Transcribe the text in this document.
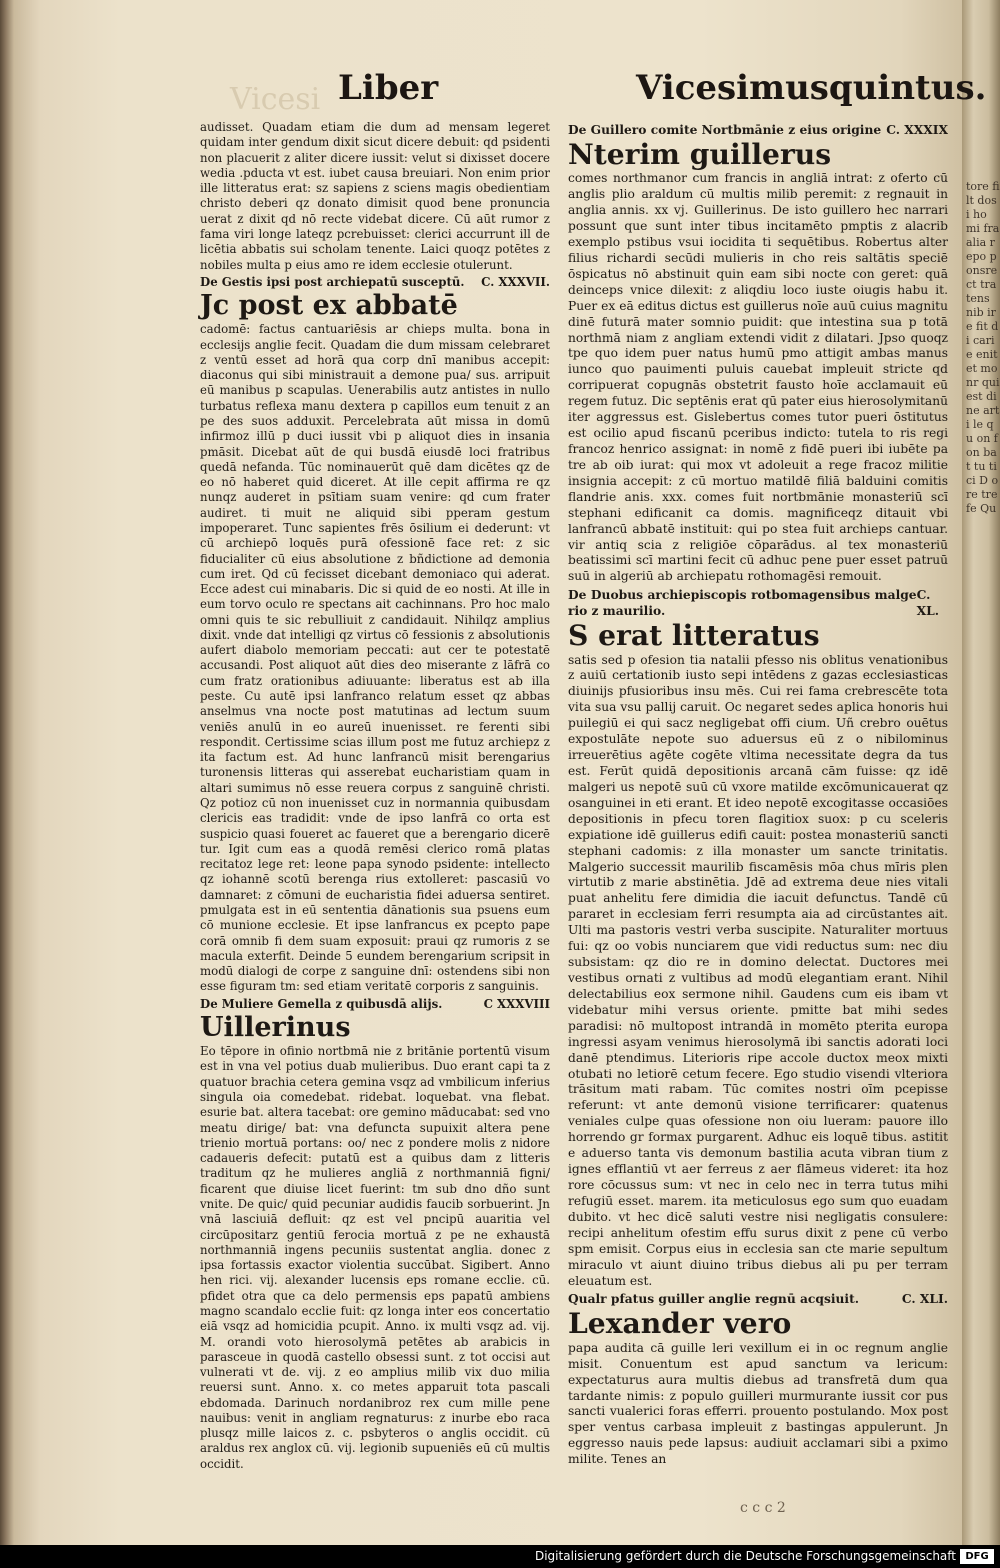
tore filt dosi ho mi fra alia repo ponsrect tratens nib ire fit di carie enit et monr qui est dine arti le qu on fon bat tu ti ci D ore trefe Qu
Vicesi Liber	Vicesimusquintus.

audisset. Quadam etiam die dum ad mensam legeret quidam inter gendum dixit sicut dicere debuit: qd psidenti non placuerit z aliter dicere iussit: velut si dixisset docere wedia .pducta vt est. iubet causa breuiari. Non enim prior ille litteratus erat: sz sapiens z sciens magis obedientiam christo deberi qz donato dimisit quod bene pronuncia uerat z dixit qd nō recte videbat dicere. Cū aūt rumor z fama viri longe lateqz pcrebuisset: clerici accurrunt ill de licētia abbatis sui scholam tenente. Laici quoqz potētes z nobiles multa p eius amo re idem ecclesie otulerunt.

De Gestis ipsi post archiepatū susceptū. C. XXXVII.
Jc post ex abbatē

cadomē: factus cantuariēsis ar chieps multa. bona in ecclesijs anglie fecit. Quadam die dum missam celebraret z ventū esset ad horā qua corp dnī manibus accepit: diaconus qui sibi ministrauit a demone pua/ sus. arripuit eū manibus p scapulas. Uenerabilis autz antistes in nullo turbatus reflexa manu dextera p capillos eum tenuit z an pe des suos adduxit. Percelebrata aūt missa in domū infirmoz illū p duci iussit vbi p aliquot dies in insania pmāsit. Dicebat aūt de qui busdā eiusdē loci fratribus quedā nefanda. Tūc nominauerūt quē dam dicētes qz de eo nō haberet quid diceret. At ille cepit affirma re qz nunqz auderet in psītiam suam venire: qd cum frater audiret. ti muit ne aliquid sibi pperam gestum impoperaret. Tunc sapientes frēs ōsilium ei dederunt: vt cū archiepō loquēs purā ofessionē face ret: z sic fiducialiter cū eius absolutione z bñdictione ad demonia cum iret. Qd cū fecisset dicebant demoniaco qui aderat. Ecce adest cui minabaris. Dic si quid de eo nosti. At ille in eum torvo oculo re spectans ait cachinnans. Pro hoc malo omni quis te sic rebulliuit z candidauit. Nihilqz amplius dixit. vnde dat intelligi qz virtus cō fessionis z absolutionis aufert diabolo memoriam peccati: aut cer te potestatē accusandi. Post aliquot aūt dies deo miserante z lāfrā co cum fratz orationibus adiuuante: liberatus est ab illa peste. Cu autē ipsi lanfranco relatum esset qz abbas anselmus vna nocte post matutinas ad lectum suum veniēs anulū in eo aureū inuenisset. re ferenti sibi respondit. Certissime scias illum post me futuz archiepz z ita factum est. Ad hunc lanfrancū misit berengarius turonensis litteras qui asserebat eucharistiam quam in altari sumimus nō esse reuera corpus z sanguinē christi. Qz potioz cū non inuenisset cuz in normannia quibusdam clericis eas tradidit: vnde de ipso lanfrā co orta est suspicio quasi foueret ac faueret que a berengario dicerē tur. Igit cum eas a quodā remēsi clerico romā platas recitatoz lege ret: leone papa synodo psidente: intellecto qz iohannē scotū berenga rius extolleret: pascasiū vo damnaret: z cōmuni de eucharistia fidei aduersa sentiret. pmulgata est in eū sententia dānationis sua psuens eum cō munione ecclesie. Et ipse lanfrancus ex pcepto pape corā omnib fi dem suam exposuit: praui qz rumoris z se macula exterfit. Deinde 5 eundem berengarium scripsit in modū dialogi de corpe z sanguine dnī: ostendens sibi non esse figuram tm: sed etiam veritatē corporis z sanguinis.

De Muliere Gemella z quibusdā alijs.	C XXXVIII
Uillerinus

Eo tēpore in ofinio nortbmā nie z britānie portentū visum est in vna vel potius duab mulieribus. Duo erant capi ta z quatuor brachia cetera gemina vsqz ad vmbilicum inferius singula oia comedebat. ridebat. loquebat. vna flebat. esurie bat. altera tacebat: ore gemino māducabat: sed vno meatu dirige/ bat: vna defuncta supuixit altera pene trienio mortuā portans: oo/ nec z pondere molis z nidore cadaueris defecit: putatū est a quibus dam z litteris traditum qz he mulieres angliā z northmanniā figni/ ficarent que diuise licet fuerint: tm sub dno dño sunt vnite. De quic/ quid pecuniar audidis faucib sorbuerint. Jn vnā lasciuiā defluit: qz est vel pncipū auaritia vel circūpositarz gentiū ferocia mortuā z pe ne exhaustā northmanniā ingens pecuniis sustentat anglia. donec z ipsa fortassis exactor violentia succūbat. Sigibert. Anno hen rici. vij. alexander lucensis eps romane ecclie. cū. pfidet otra que ca delo permensis eps papatū ambiens magno scandalo ecclie fuit: qz longa inter eos concertatio eiā vsqz ad homicidia pcupit. Anno. ix multi vsqz ad. vij. M. orandi voto hierosolymā petētes ab arabicis in parasceue in quodā castello obsessi sunt. z tot occisi aut vulnerati vt de. vij. z eo amplius milib vix duo milia reuersi sunt. Anno. x. co metes apparuit tota pascali ebdomada. Darinuch nordanibroz rex cum mille pene nauibus: venit in angliam regnaturus: z inurbe ebo raca plusqz mille laicos z. c. psbyteros o anglis occidit. cū araldus rex anglox cū. vij. legionib supueniēs eū cū multis occidit.

De Guillero comite Nortbmānie z eius origine C. XXXIX
Nterim guillerus

comes northmanor cum francis in angliā intrat: z oferto cū anglis plio araldum cū multis milib peremit: z regnauit in anglia annis. xx vj. Guillerinus. De isto guillero hec narrari possunt que sunt inter tibus incitamēto pmptis z alacrib exemplo pstibus vsui iocidita ti sequētibus. Robertus alter filius richardi secūdi mulieris in cho reis saltātis speciē ōspicatus nō abstinuit quin eam sibi nocte con geret: quā deinceps vnice dilexit: z aliqdiu loco iuste oiugis habu it. Puer ex eā editus dictus est guillerus noīe auū cuius magnitu dinē futurā mater somnio puidit: que intestina sua p totā northmā niam z angliam extendi vidit z dilatari. Jpso quoqz tpe quo idem puer natus humū pmo attigit ambas manus iunco quo pauimenti puluis cauebat impleuit stricte qd corripuerat copugnās obstetrit fausto hoīe acclamauit eū regem futuz. Dic septēnis erat qū pater eius hierosolymitanū iter aggressus est. Gislebertus comes tutor pueri ōstitutus est ocilio apud fiscanū pceribus indicto: tutela to ris regi francoz henrico assignat: in nomē z fidē pueri ibi iubēte pa tre ab oib iurat: qui mox vt adoleuit a rege fracoz militie insignia accepit: z cū mortuo matildē filiā balduini comitis flandrie anis. xxx. comes fuit nortbmānie monasteriū scī stephani edificanit ca domis. magnificeqz ditauit vbi lanfrancū abbatē instituit: qui po stea fuit archieps cantuar. vir antiq scia z religiōe cōparādus. al tex monasteriū beatissimi scī martini fecit cū adhuc pene puer esset patruū suū in algeriū ab archiepatu rothomagēsi remouit.

De Duobus archiepiscopis rotbomagensibus malge rio z maurilio.
C. XL.
S erat litteratus

satis sed p ofesion tia natalii pfesso nis oblitus venationibus z auiū certationib iusto sepi intēdens z gazas ecclesiasticas diuinijs pfusioribus insu mēs. Cui rei fama crebrescēte tota vita sua vsu pallij caruit. Oc negaret sedes aplica honoris hui puilegiū ei qui sacz negligebat offi cium. Uñ crebro ouētus expostulāte nepote suo aduersus eū z o nibilominus irreuerētius agēte cogēte vltima necessitate degra da tus est. Ferūt quidā depositionis arcanā cām fuisse: qz idē malgeri us nepotē suū cū vxore matilde excōmunicauerat qz osanguinei in eti erant. Et ideo nepotē excogitasse occasiōes depositionis in pfecu toren flagitiox suox: p cu sceleris expiatione idē guillerus edifi cauit: postea monasteriū sancti stephani cadomis: z illa monaster um sancte trinitatis. Malgerio successit maurilib fiscamēsis mōa chus mīris plen virtutib z marie abstinētia. Jdē ad extrema deue nies vitali puat anhelitu fere dimidia die iacuit defunctus. Tandē cū pararet in ecclesiam ferri resumpta aia ad circūstantes ait. Ulti ma pastoris vestri verba suscipite. Naturaliter mortuus fui: qz oo vobis nunciarem que vidi reductus sum: nec diu subsistam: qz dio re in domino delectat. Ductores mei vestibus ornati z vultibus ad modū elegantiam erant. Nihil delectabilius eox sermone nihil. Gaudens cum eis ibam vt videbatur mihi versus oriente. pmitte bat mihi sedes paradisi: nō multopost intrandā in momēto pterita europa ingressi asyam venimus hierosolymā ibi sanctis adorati loci danē ptendimus. Literioris ripe accole ductox meox mixti otubati no letiorē cetum fecere. Ego studio visendi vlteriora trāsitum mati rabam. Tūc comites nostri oīm pcepisse referunt: vt ante demonū visione terrificarer: quatenus veniales culpe quas ofessione non oiu lueram: pauore illo horrendo gr formax purgarent. Adhuc eis loquē tibus. astitit e aduerso tanta vis demonum bastilia acuta vibran tium z ignes efflantiū vt aer ferreus z aer flāmeus videret: ita hoz rore cōcussus sum: vt nec in celo nec in terra tutus mihi refugiū esset. marem. ita meticulosus ego sum quo euadam dubito. vt hec dicē saluti vestre nisi negligatis consulere: recipi anhelitum ofestim effu surus dixit z pene cū verbo spm emisit. Corpus eius in ecclesia san cte marie sepultum miraculo vt aiunt diuino tribus diebus ali pu per terram eleuatum est.

Qualr pfatus guiller anglie regnū acqsiuit.	C. XLI.
Lexander vero

papa audita cā guille leri vexillum ei in oc regnum anglie misit. Conuentum est apud sanctum va lericum: expectaturus aura multis diebus ad transfretā dum qua tardante nimis: z populo guilleri murmurante iussit cor pus sancti vualerici foras efferri. prouento postulando. Mox post sper ventus carbasa impleuit z bastingas appulerunt. Jn eggresso nauis pede lapsus: audiuit acclamari sibi a pximo milite. Tenes an

c c c 2
Digitalisierung gefördert durch die Deutsche Forschungsgemeinschaft DFG
